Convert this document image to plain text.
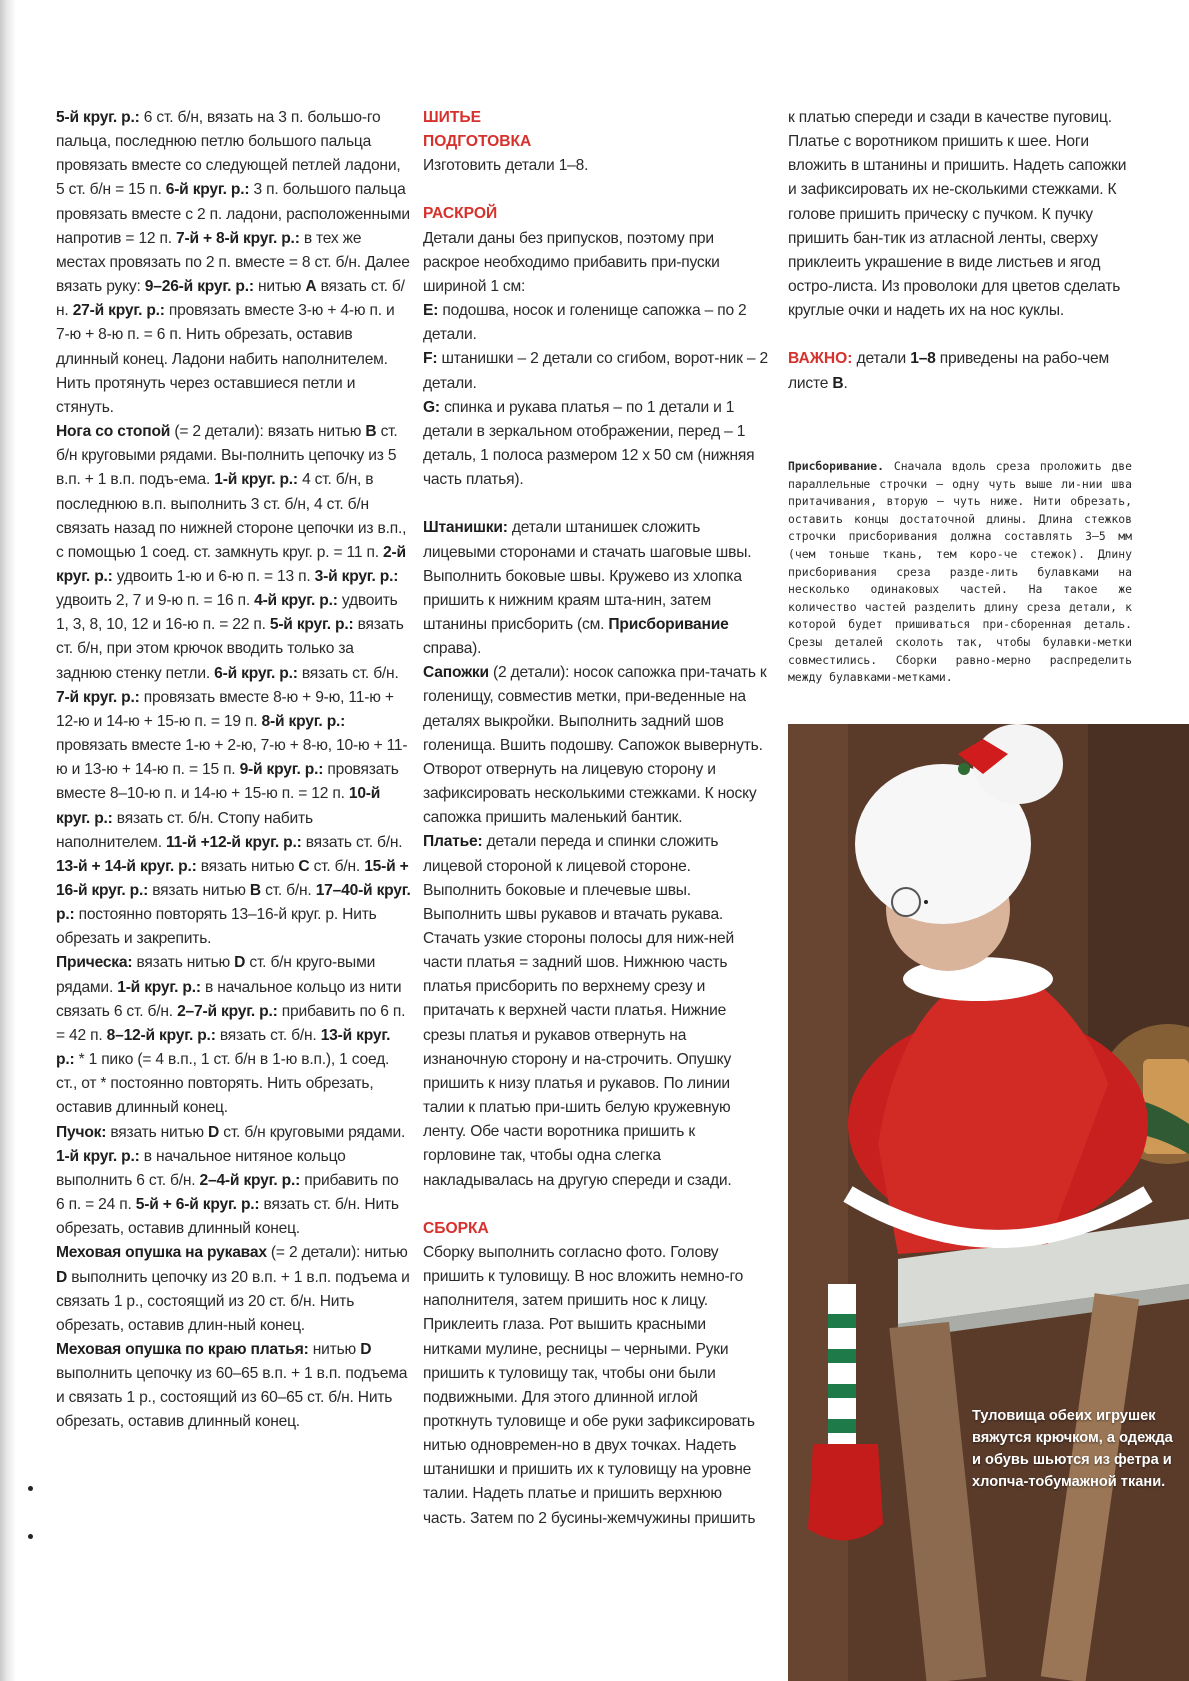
5-й круг. р.: 6 ст. б/н, вязать на 3 п. большо-го пальца, последнюю петлю большого пальца провязать вместе со следующей петлей ладони, 5 ст. б/н = 15 п. 6-й круг. р.: 3 п. большого пальца провязать вместе с 2 п. ладони, расположенными напротив = 12 п. 7-й + 8-й круг. р.: в тех же местах провязать по 2 п. вместе = 8 ст. б/н. Далее вязать руку: 9–26-й круг. р.: нитью А вязать ст. б/н. 27-й круг. р.: провязать вместе 3-ю + 4-ю п. и 7-ю + 8-ю п. = 6 п. Нить обрезать, оставив длинный конец. Ладони набить наполнителем. Нить протянуть через оставшиеся петли и стянуть.

Нога со стопой (= 2 детали): вязать нитью В ст. б/н круговыми рядами. Вы-полнить цепочку из 5 в.п. + 1 в.п. подъ-ема. 1-й круг. р.: 4 ст. б/н, в последнюю в.п. выполнить 3 ст. б/н, 4 ст. б/н связать назад по нижней стороне цепочки из в.п., с помощью 1 соед. ст. замкнуть круг. р. = 11 п. 2-й круг. р.: удвоить 1-ю и 6-ю п. = 13 п. 3-й круг. р.: удвоить 2, 7 и 9-ю п. = 16 п. 4-й круг. р.: удвоить 1, 3, 8, 10, 12 и 16-ю п. = 22 п. 5-й круг. р.: вязать ст. б/н, при этом крючок вводить только за заднюю стенку петли. 6-й круг. р.: вязать ст. б/н. 7-й круг. р.: провязать вместе 8-ю + 9-ю, 11-ю + 12-ю и 14-ю + 15-ю п. = 19 п. 8-й круг. р.: провязать вместе 1-ю + 2-ю, 7-ю + 8-ю, 10-ю + 11-ю и 13-ю + 14-ю п. = 15 п. 9-й круг. р.: провязать вместе 8–10-ю п. и 14-ю + 15-ю п. = 12 п. 10-й круг. р.: вязать ст. б/н. Стопу набить наполнителем. 11-й +12-й круг. р.: вязать ст. б/н. 13-й + 14-й круг. р.: вязать нитью С ст. б/н. 15-й + 16-й круг. р.: вязать нитью В ст. б/н. 17–40-й круг. р.: постоянно повторять 13–16-й круг. р. Нить обрезать и закрепить.

Прическа: вязать нитью D ст. б/н круго-выми рядами. 1-й круг. р.: в начальное кольцо из нити связать 6 ст. б/н. 2–7-й круг. р.: прибавить по 6 п. = 42 п. 8–12-й круг. р.: вязать ст. б/н. 13-й круг. р.: * 1 пико (= 4 в.п., 1 ст. б/н в 1-ю в.п.), 1 соед. ст., от * постоянно повторять. Нить обрезать, оставив длинный конец.

Пучок: вязать нитью D ст. б/н круговыми рядами. 1-й круг. р.: в начальное нитяное кольцо выполнить 6 ст. б/н. 2–4-й круг. р.: прибавить по 6 п. = 24 п. 5-й + 6-й круг. р.: вязать ст. б/н. Нить обрезать, оставив длинный конец.

Меховая опушка на рукавах (= 2 детали): нитью D выполнить цепочку из 20 в.п. + 1 в.п. подъема и связать 1 р., состоящий из 20 ст. б/н. Нить обрезать, оставив длин-ный конец.

Меховая опушка по краю платья: нитью D выполнить цепочку из 60–65 в.п. + 1 в.п. подъема и связать 1 р., состоящий из 60–65 ст. б/н. Нить обрезать, оставив длинный конец.

ШИТЬЕ
ПОДГОТОВКА

Изготовить детали 1–8.

РАСКРОЙ

Детали даны без припусков, поэтому при раскрое необходимо прибавить при-пуски шириной 1 см:

Е: подошва, носок и голенище сапожка – по 2 детали.

F: штанишки – 2 детали со сгибом, ворот-ник – 2 детали.

G: спинка и рукава платья – по 1 детали и 1 детали в зеркальном отображении, перед – 1 деталь, 1 полоса размером 12 х 50 см (нижняя часть платья).

Штанишки: детали штанишек сложить лицевыми сторонами и стачать шаговые швы. Выполнить боковые швы. Кружево из хлопка пришить к нижним краям шта-нин, затем штанины присборить (см. Присборивание справа).

Сапожки (2 детали): носок сапожка при-тачать к голенищу, совместив метки, при-веденные на деталях выкройки. Выполнить задний шов голенища. Вшить подошву. Сапожок вывернуть. Отворот отвернуть на лицевую сторону и зафиксировать несколькими стежками. К носку сапожка пришить маленький бантик.

Платье: детали переда и спинки сложить лицевой стороной к лицевой стороне. Выполнить боковые и плечевые швы. Выполнить швы рукавов и втачать рукава. Стачать узкие стороны полосы для ниж-ней части платья = задний шов. Нижнюю часть платья присборить по верхнему срезу и притачать к верхней части платья. Нижние срезы платья и рукавов отвернуть на изнаночную сторону и на-строчить. Опушку пришить к низу платья и рукавов. По линии талии к платью при-шить белую кружевную ленту. Обе части воротника пришить к горловине так, чтобы одна слегка накладывалась на другую спереди и сзади.

СБОРКА

Сборку выполнить согласно фото. Голову пришить к туловищу. В нос вложить немно-го наполнителя, затем пришить нос к лицу. Приклеить глаза. Рот вышить красными нитками мулине, ресницы – черными. Руки пришить к туловищу так, чтобы они были подвижными. Для этого длинной иглой проткнуть туловище и обе руки зафиксировать нитью одновремен-но в двух точках. Надеть штанишки и пришить их к туловищу на уровне талии. Надеть платье и пришить верхнюю часть. Затем по 2 бусины-жемчужины пришить

к платью спереди и сзади в качестве пуговиц. Платье с воротником пришить к шее. Ноги вложить в штанины и пришить. Надеть сапожки и зафиксировать их не-сколькими стежками. К голове пришить прическу с пучком. К пучку пришить бан-тик из атласной ленты, сверху приклеить украшение в виде листьев и ягод остро-листа. Из проволоки для цветов сделать круглые очки и надеть их на нос куклы.

ВАЖНО: детали 1–8 приведены на рабо-чем листе В.

Присборивание. Сначала вдоль среза проложить две параллельные строчки – одну чуть выше ли-нии шва притачивания, вторую – чуть ниже. Нити обрезать, оставить концы достаточной длины. Длина стежков строчки присборивания должна составлять 3–5 мм (чем тоньше ткань, тем коро-че стежок). Длину присборивания среза разде-лить булавками на несколько одинаковых частей. На такое же количество частей разделить длину среза детали, к которой будет пришиваться при-сборенная деталь. Срезы деталей сколоть так, чтобы булавки-метки совместились. Сборки равно-мерно распределить между булавками-метками.
Туловища обеих игрушек вяжутся крючком, а одежда и обувь шьются из фетра и хлопча-тобумажной ткани.
